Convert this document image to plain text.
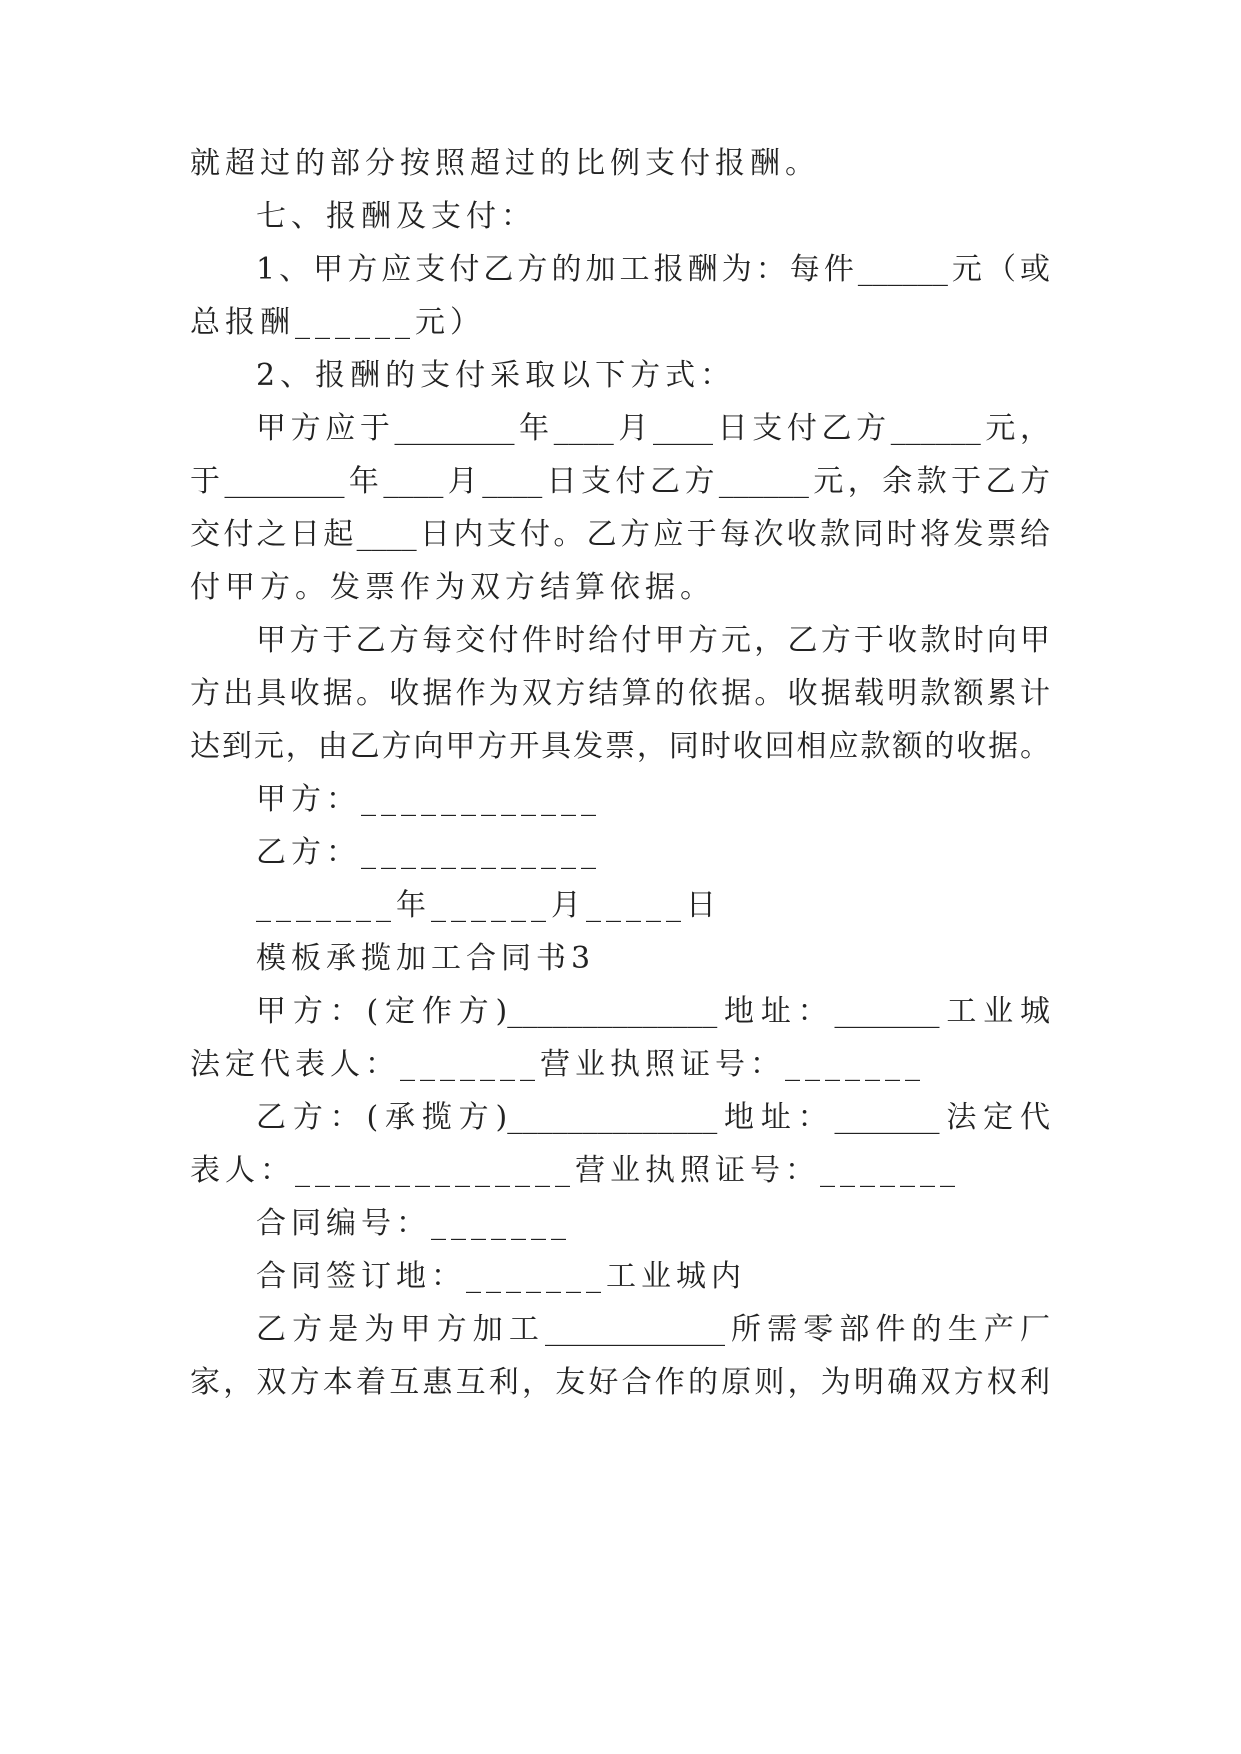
就超过的部分按照超过的比例支付报酬。
七、报酬及支付：
1、甲方应支付乙方的加工报酬为：每件______元（或
总报酬______元）
2、报酬的支付采取以下方式：
甲方应于________年____月____日支付乙方______元，
于________年____月____日支付乙方______元，余款于乙方
交付之日起____日内支付。乙方应于每次收款同时将发票给
付甲方。发票作为双方结算依据。
甲方于乙方每交付件时给付甲方元，乙方于收款时向甲
方出具收据。收据作为双方结算的依据。收据载明款额累计
达到元，由乙方向甲方开具发票，同时收回相应款额的收据。
甲方：____________
乙方：____________
_______年______月_____日
模板承揽加工合同书3
甲方：(定作方)______________地址：_______工业城
法定代表人：_______营业执照证号：_______
乙方：(承揽方)______________地址：_______法定代
表人：______________营业执照证号：_______
合同编号：_______
合同签订地：_______工业城内
乙方是为甲方加工____________所需零部件的生产厂
家，双方本着互惠互利，友好合作的原则，为明确双方权利
